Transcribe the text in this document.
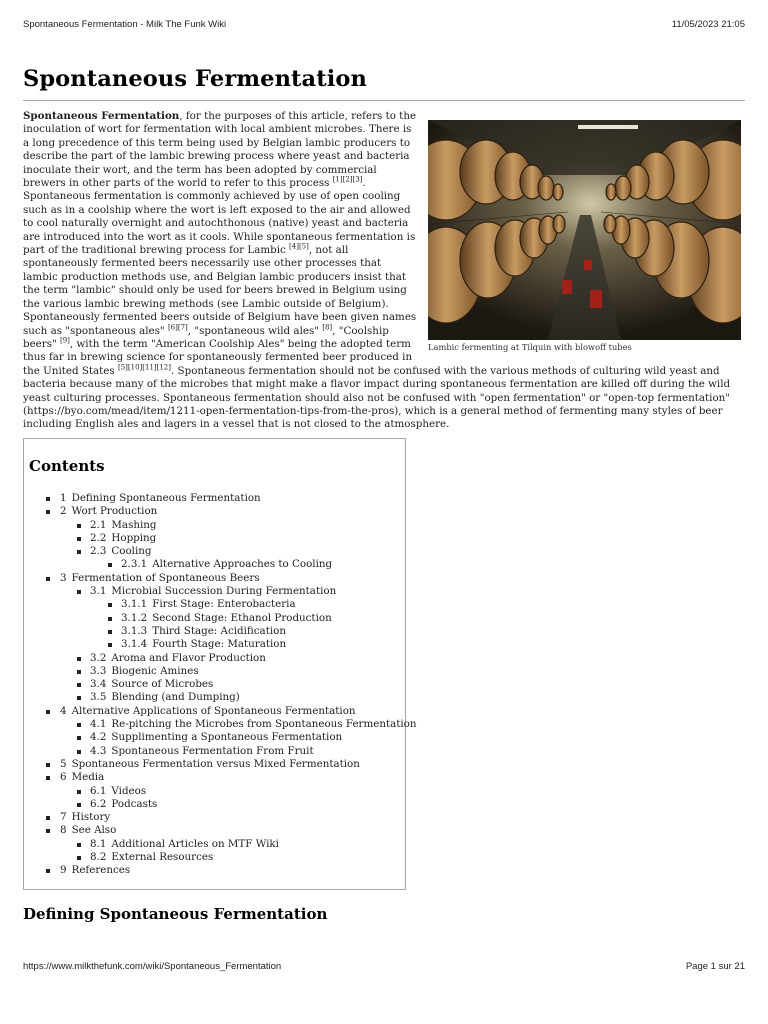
Spontaneous Fermentation - Milk The Funk Wiki	11/05/2023 21:05
Spontaneous Fermentation
Lambic fermenting at Tilquin with blowoff tubes

Spontaneous Fermentation, for the purposes of this article, refers to the inoculation of wort for fermentation with local ambient microbes. There is a long precedence of this term being used by Belgian lambic producers to describe the part of the lambic brewing process where yeast and bacteria inoculate their wort, and the term has been adopted by commercial brewers in other parts of the world to refer to this process [1][2][3]. Spontaneous fermentation is commonly achieved by use of open cooling such as in a coolship where the wort is left exposed to the air and allowed to cool naturally overnight and autochthonous (native) yeast and bacteria are introduced into the wort as it cools. While spontaneous fermentation is part of the traditional brewing process for Lambic [4][5], not all spontaneously fermented beers necessarily use other processes that lambic production methods use, and Belgian lambic producers insist that the term "lambic" should only be used for beers brewed in Belgium using the various lambic brewing methods (see Lambic outside of Belgium). Spontaneously fermented beers outside of Belgium have been given names such as "spontaneous ales" [6][7], "spontaneous wild ales" [8], "Coolship beers" [9], with the term "American Coolship Ales" being the adopted term thus far in brewing science for spontaneously fermented beer produced in the United States [5][10][11][12]. Spontaneous fermentation should not be confused with the various methods of culturing wild yeast and bacteria because many of the microbes that might make a flavor impact during spontaneous fermentation are killed off during the wild yeast culturing processes. Spontaneous fermentation should also not be confused with "open fermentation" or "open-top fermentation" (https://byo.com/mead/item/1211-open-fermentation-tips-from-the-pros), which is a general method of fermenting many styles of beer including English ales and lagers in a vessel that is not closed to the atmosphere.

Contents
1 Defining Spontaneous Fermentation
2 Wort Production
2.1 Mashing
2.2 Hopping
2.3 Cooling
2.3.1 Alternative Approaches to Cooling
3 Fermentation of Spontaneous Beers
3.1 Microbial Succession During Fermentation
3.1.1 First Stage: Enterobacteria
3.1.2 Second Stage: Ethanol Production
3.1.3 Third Stage: Acidification
3.1.4 Fourth Stage: Maturation
3.2 Aroma and Flavor Production
3.3 Biogenic Amines
3.4 Source of Microbes
3.5 Blending (and Dumping)
4 Alternative Applications of Spontaneous Fermentation
4.1 Re-pitching the Microbes from Spontaneous Fermentation
4.2 Supplimenting a Spontaneous Fermentation
4.3 Spontaneous Fermentation From Fruit
5 Spontaneous Fermentation versus Mixed Fermentation
6 Media
6.1 Videos
6.2 Podcasts
7 History
8 See Also
8.1 Additional Articles on MTF Wiki
8.2 External Resources
9 References
Defining Spontaneous Fermentation
https://www.milkthefunk.com/wiki/Spontaneous_Fermentation	Page 1 sur 21
